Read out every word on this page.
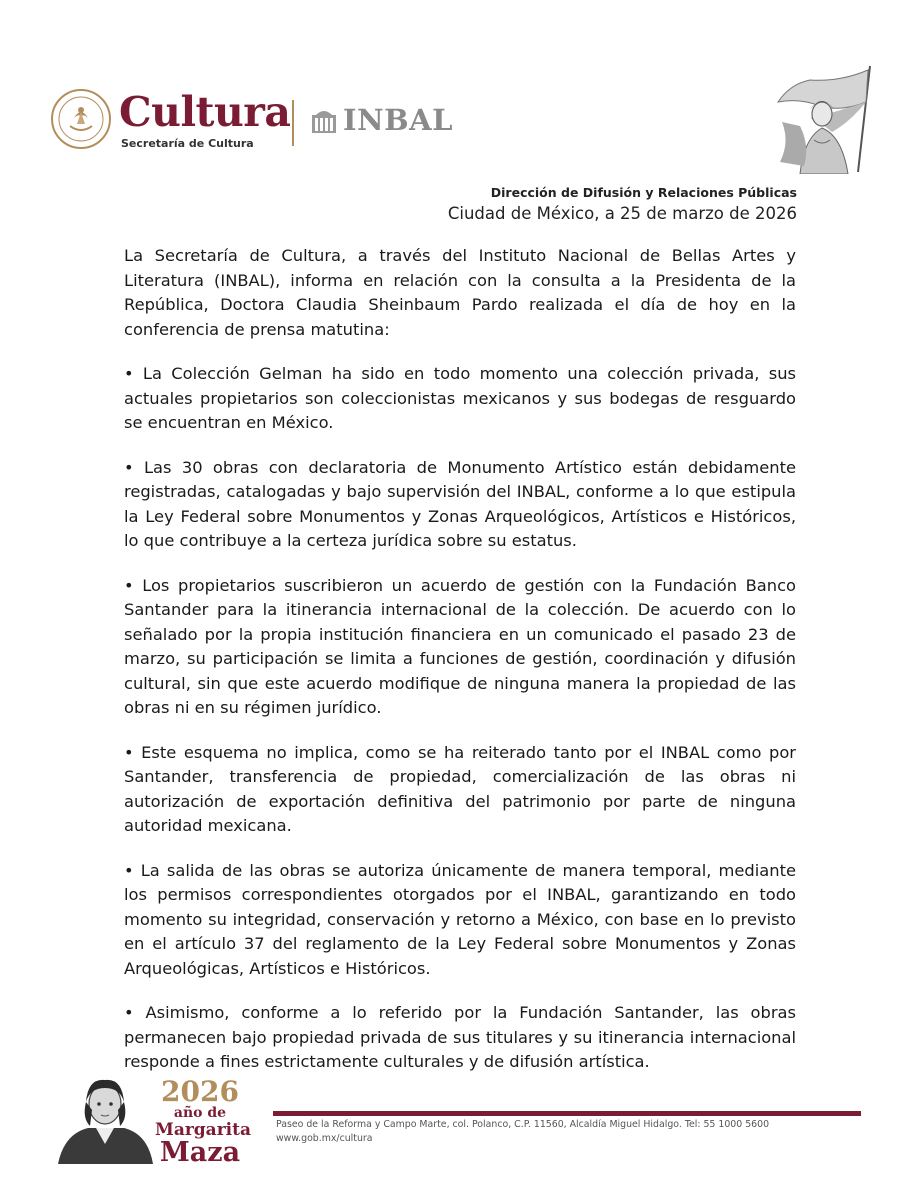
Cultura
Secretaría de Cultura
INBAL
Dirección de Difusión y Relaciones Públicas
Ciudad de México, a 25 de marzo de 2026

La Secretaría de Cultura, a través del Instituto Nacional de Bellas Artes y Literatura (INBAL), informa en relación con la consulta a la Presidenta de la República, Doctora Claudia Sheinbaum Pardo realizada el día de hoy en la conferencia de prensa matutina:

• La Colección Gelman ha sido en todo momento una colección privada, sus actuales propietarios son coleccionistas mexicanos y sus bodegas de resguardo se encuentran en México.

• Las 30 obras con declaratoria de Monumento Artístico están debidamente registradas, catalogadas y bajo supervisión del INBAL, conforme a lo que estipula la Ley Federal sobre Monumentos y Zonas Arqueológicos, Artísticos e Históricos, lo que contribuye a la certeza jurídica sobre su estatus.

• Los propietarios suscribieron un acuerdo de gestión con la Fundación Banco Santander para la itinerancia internacional de la colección. De acuerdo con lo señalado por la propia institución financiera en un comunicado el pasado 23 de marzo, su participación se limita a funciones de gestión, coordinación y difusión cultural, sin que este acuerdo modifique de ninguna manera la propiedad de las obras ni en su régimen jurídico.

• Este esquema no implica, como se ha reiterado tanto por el INBAL como por Santander, transferencia de propiedad, comercialización de las obras ni autorización de exportación definitiva del patrimonio por parte de ninguna autoridad mexicana.

• La salida de las obras se autoriza únicamente de manera temporal, mediante los permisos correspondientes otorgados por el INBAL, garantizando en todo momento su integridad, conservación y retorno a México, con base en lo previsto en el artículo 37 del reglamento de la Ley Federal sobre Monumentos y Zonas Arqueológicas, Artísticos e Históricos.

• Asimismo, conforme a lo referido por la Fundación Santander, las obras permanecen bajo propiedad privada de sus titulares y su itinerancia internacional responde a fines estrictamente culturales y de difusión artística.

2026
año de
Margarita
Maza
Paseo de la Reforma y Campo Marte, col. Polanco, C.P. 11560, Alcaldía Miguel Hidalgo. Tel: 55 1000 5600
www.gob.mx/cultura
